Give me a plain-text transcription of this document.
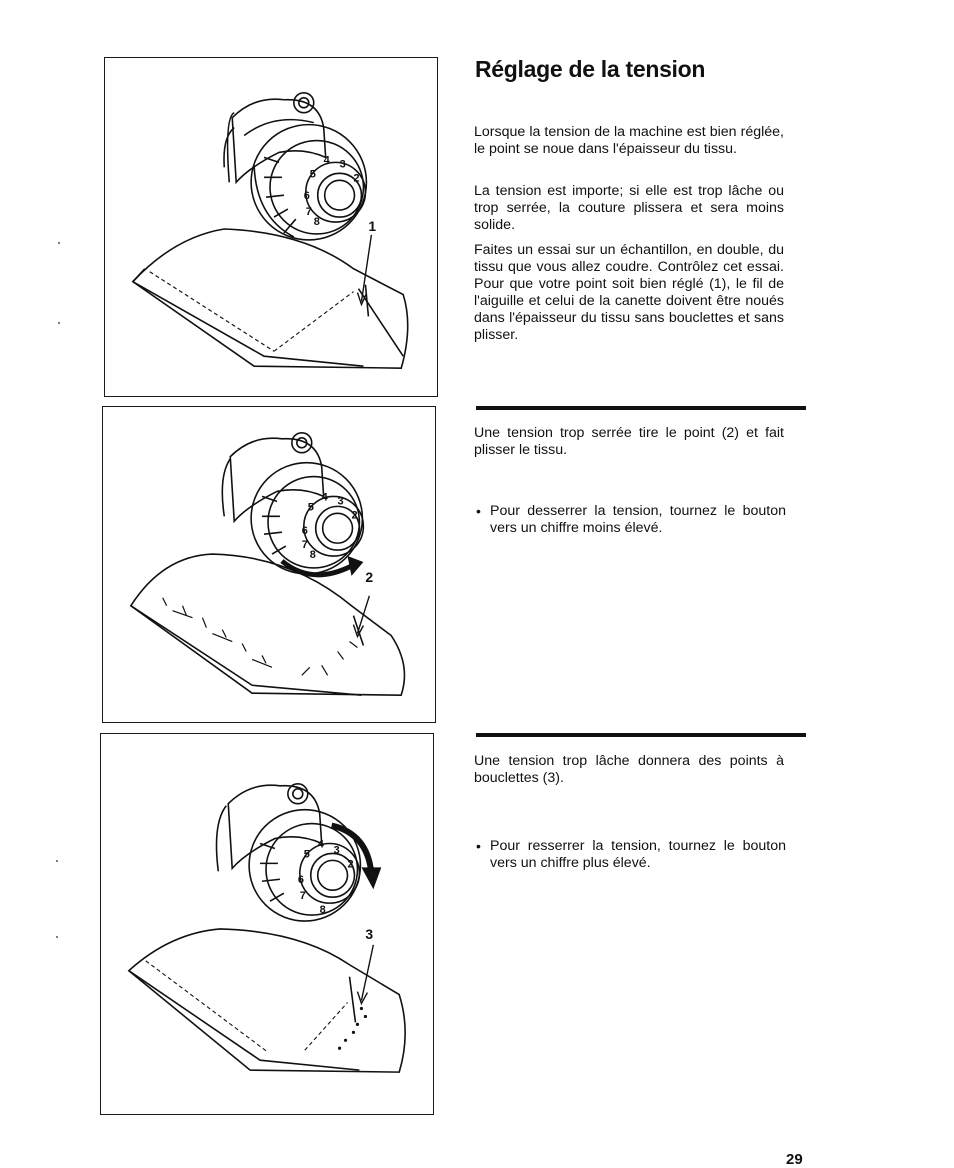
4 3
2
5
6
7
8	1
4 3
2
5
6
7
8
2
4 3
2
5
6
7
8
3
Réglage de la tension

Lorsque la tension de la machine est bien réglée, le point se noue dans l'épaisseur du tissu.

La tension est importe; si elle est trop lâche ou trop serrée, la couture plissera et sera moins solide.

Faites un essai sur un échantillon, en double, du tissu que vous allez coudre. Contrôlez cet essai. Pour que votre point soit bien réglé (1), le fil de l'aiguille et celui de la canette doivent être noués dans l'épaisseur du tissu sans bouclettes et sans plisser.

Une tension trop serrée tire le point (2) et fait plisser le tissu.

• Pour desserrer la tension, tournez le bouton vers un chiffre moins élevé.

Une tension trop lâche donnera des points à bouclettes (3).

• Pour resserrer la tension, tournez le bouton vers un chiffre plus élevé.

29
